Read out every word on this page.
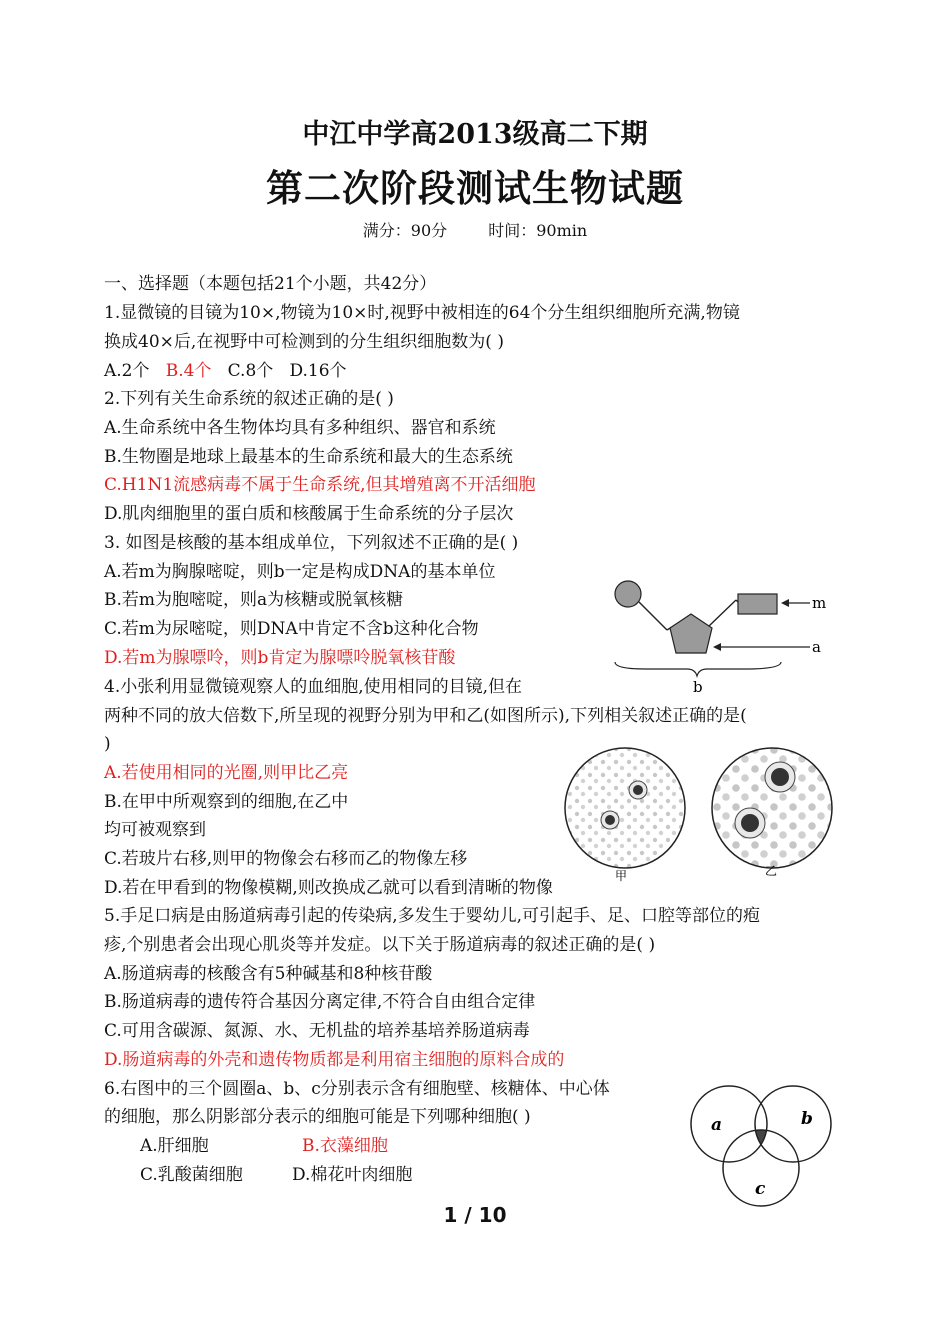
中江中学高2013级高二下期
第二次阶段测试生物试题
满分：90分	时间：90min
一、选择题（本题包括21个小题，共42分）
1.显微镜的目镜为10×,物镜为10×时,视野中被相连的64个分生组织细胞所充满,物镜
换成40×后,在视野中可检测到的分生组织细胞数为( )
A.2个 B.4个 C.8个 D.16个
2.下列有关生命系统的叙述正确的是( )
A.生命系统中各生物体均具有多种组织、器官和系统
B.生物圈是地球上最基本的生命系统和最大的生态系统
C.H1N1流感病毒不属于生命系统,但其增殖离不开活细胞
D.肌肉细胞里的蛋白质和核酸属于生命系统的分子层次
3. 如图是核酸的基本组成单位，下列叙述不正确的是( )
A.若m为胸腺嘧啶，则b一定是构成DNA的基本单位
B.若m为胞嘧啶，则a为核糖或脱氧核糖
C.若m为尿嘧啶，则DNA中肯定不含b这种化合物
D.若m为腺嘌呤，则b肯定为腺嘌呤脱氧核苷酸
m
a
b
4.小张利用显微镜观察人的血细胞,使用相同的目镜,但在
两种不同的放大倍数下,所呈现的视野分别为甲和乙(如图所示),下列相关叙述正确的是(
)
A.若使用相同的光圈,则甲比乙亮
B.在甲中所观察到的细胞,在乙中
均可被观察到
C.若玻片右移,则甲的物像会右移而乙的物像左移
D.若在甲看到的物像模糊,则改换成乙就可以看到清晰的物像
甲	乙
5.手足口病是由肠道病毒引起的传染病,多发生于婴幼儿,可引起手、足、口腔等部位的疱
疹,个别患者会出现心肌炎等并发症。以下关于肠道病毒的叙述正确的是( )
A.肠道病毒的核酸含有5种碱基和8种核苷酸
B.肠道病毒的遗传符合基因分离定律,不符合自由组合定律
C.可用含碳源、氮源、水、无机盐的培养基培养肠道病毒
D.肠道病毒的外壳和遗传物质都是利用宿主细胞的原料合成的
6.右图中的三个圆圈a、b、c分别表示含有细胞壁、核糖体、中心体
的细胞，那么阴影部分表示的细胞可能是下列哪种细胞( )
A.肝细胞	B.衣藻细胞
C.乳酸菌细胞	D.棉花叶肉细胞
a	b
c
1 / 10
